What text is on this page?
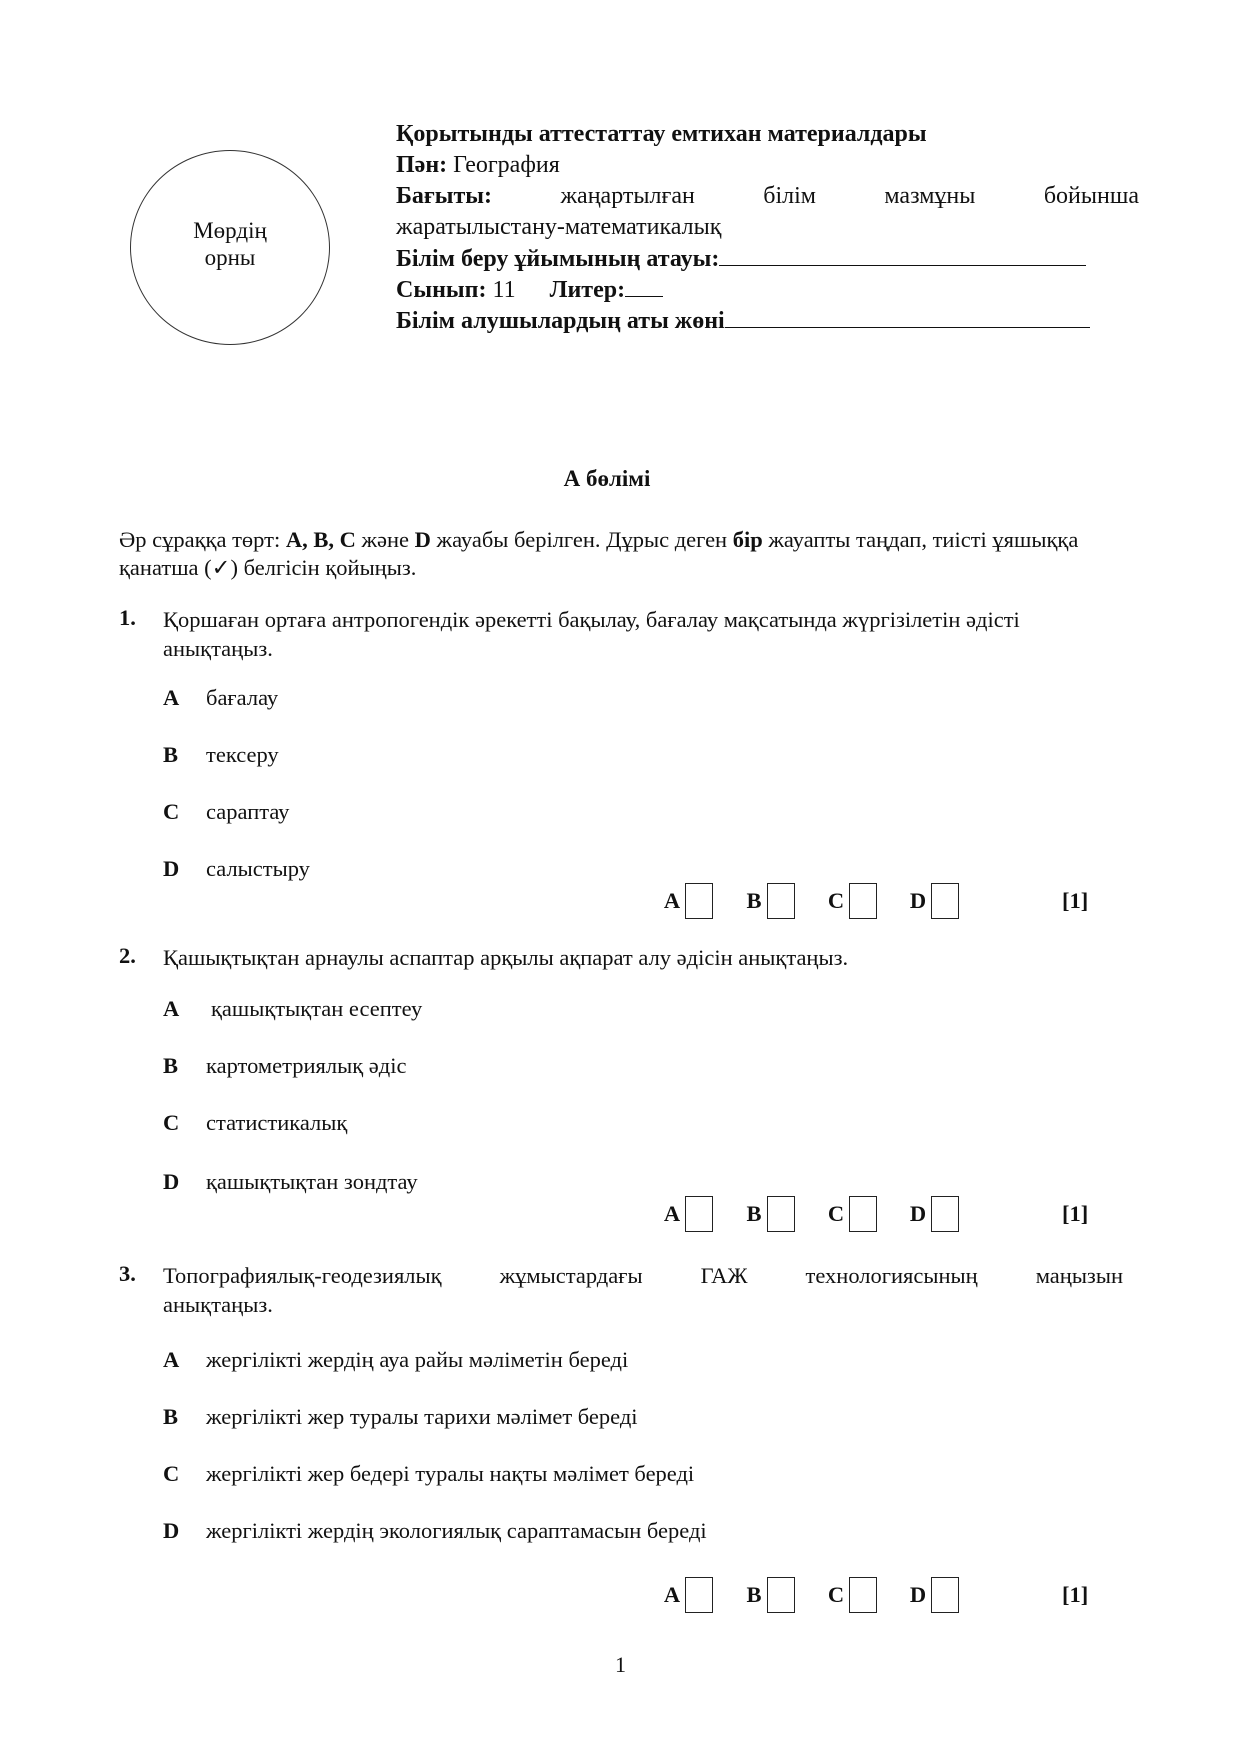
Мөрдің
орны
Қорытынды аттестаттау емтихан материалдары
Пән: География
Бағыты:	жаңартылған	білім	мазмұны	бойынша
жаратылыстану-математикалық
Білім беру ұйымының атауы:
Сынып: 11 Литер:
Білім алушылардың аты жөні
А бөлімі
Әр сұраққа төрт: A, B, C және D жауабы берілген. Дұрыс деген бір жауапты таңдап, тиісті ұяшыққа қанатша (✓) белгісін қойыңыз.
1. Қоршаған ортаға антропогендік әрекетті бақылау, бағалау мақсатында жүргізілетін әдісті
анықтаңыз.
A бағалау
B тексеру
C сараптау
D салыстыру
A	B	C	D	[1]
2. Қашықтықтан арнаулы аспаптар арқылы ақпарат алу әдісін анықтаңыз.
A қашықтықтан есептеу
B картометриялық әдіс
C статистикалық
D қашықтықтан зондтау
A	B	C	D	[1]
3. Топографиялық-геодезиялық	жұмыстардағы	ГАЖ	технологиясының	маңызын
анықтаңыз.
A жергілікті жердің ауа райы мәліметін береді
B жергілікті жер туралы тарихи мәлімет береді
C жергілікті жер бедері туралы нақты мәлімет береді
D жергілікті жердің экологиялық сараптамасын береді
A	B	C	D	[1]
1
